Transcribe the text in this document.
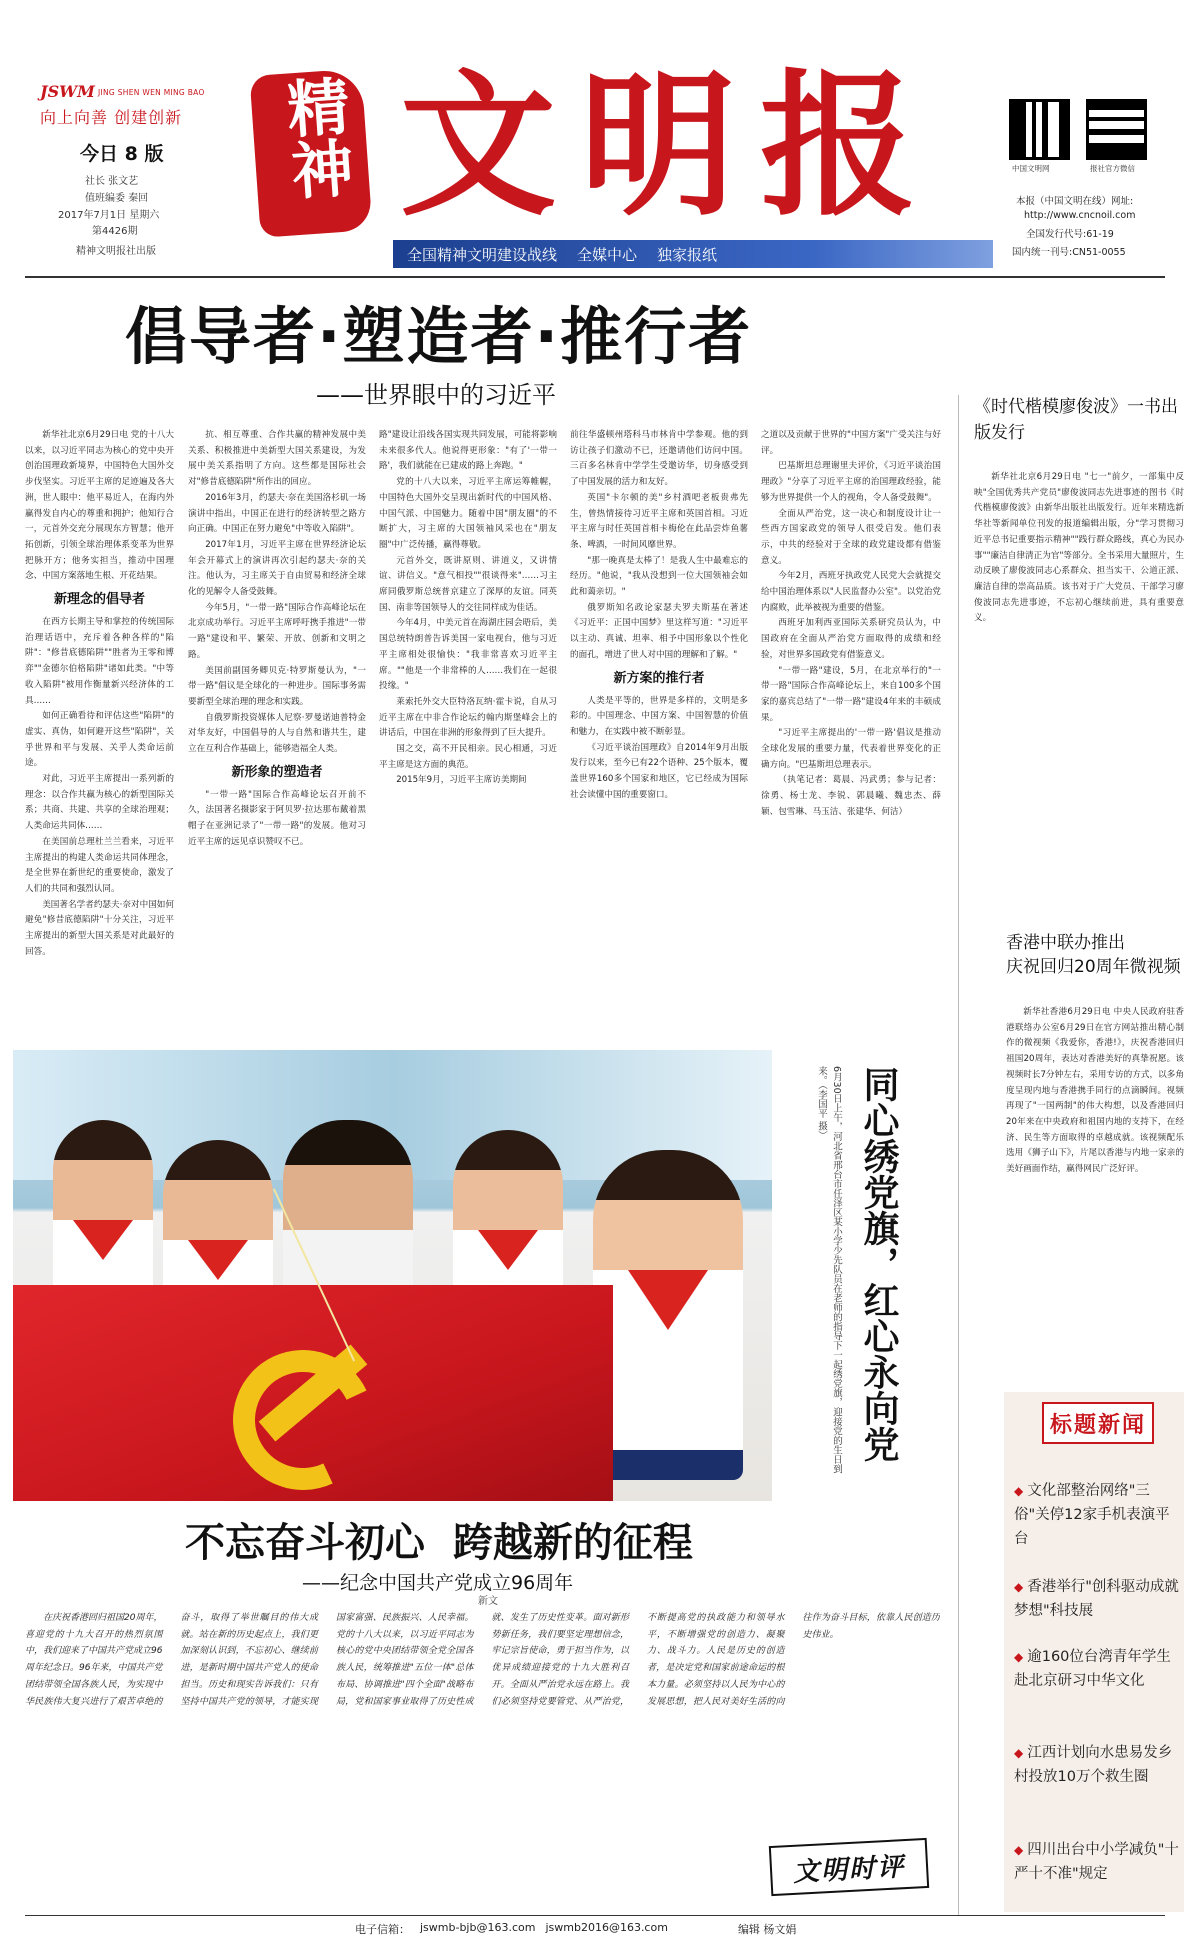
JSWM JING SHEN WEN MING BAO
向上向善 创建创新
今日 8 版
社长 张文艺
值班编委 秦回
2017年7月1日 星期六
第4426期
精神文明报社出版
精神 文明报	中国文明网	报社官方微信
本报（中国文明在线）网址:
http://www.cncnoil.com
全国发行代号:61-19
国内统一刊号:CN51-0055
全国精神文明建设战线 全媒中心 独家报纸
倡导者·塑造者·推行者
——世界眼中的习近平

新华社北京6月29日电 党的十八大以来，以习近平同志为核心的党中央开创治国理政新境界，中国特色大国外交步伐坚实。习近平主席的足迹遍及各大洲，世人眼中：他平易近人，在海内外赢得发自内心的尊重和拥护；他知行合一，元首外交充分展现东方智慧；他开拓创新，引领全球治理体系变革为世界把脉开方；他务实担当，推动中国理念、中国方案落地生根、开花结果。

新理念的倡导者

在西方长期主导和掌控的传统国际治理话语中，充斥着各种各样的"陷阱"："修昔底德陷阱""胜者为王零和博弈""金德尔伯格陷阱"诸如此类。"中等收入陷阱"被用作衡量新兴经济体的工具……

如何正确看待和评估这些"陷阱"的虚实、真伪，如何避开这些"陷阱"，关乎世界和平与发展、关乎人类命运前途。

对此，习近平主席提出一系列新的理念：以合作共赢为核心的新型国际关系；共商、共建、共享的全球治理观；人类命运共同体……

在美国前总理杜兰兰看来，习近平主席提出的构建人类命运共同体理念，是全世界在新世纪的重要使命，激发了人们的共同和强烈认同。

美国著名学者约瑟夫·奈对中国如何避免"修昔底德陷阱"十分关注，习近平主席提出的新型大国关系是对此最好的回答。

抗、相互尊重、合作共赢的精神发展中美关系、积极推进中美新型大国关系建设，为发展中美关系指明了方向。这些都是国际社会对"修昔底德陷阱"所作出的回应。

2016年3月，约瑟夫·奈在美国洛杉矶一场演讲中指出，中国正在进行的经济转型之路方向正确。中国正在努力避免"中等收入陷阱"。

2017年1月，习近平主席在世界经济论坛年会开幕式上的演讲再次引起约瑟夫·奈的关注。他认为，习主席关于自由贸易和经济全球化的见解令人备受鼓舞。

今年5月，"一带一路"国际合作高峰论坛在北京成功举行。习近平主席呼吁携手推进"一带一路"建设和平、繁荣、开放、创新和文明之路。

美国前副国务卿贝克·特罗斯曼认为，"一带一路"倡议是全球化的一种进步。国际事务需要新型全球治理的理念和实践。

自俄罗斯投资媒体人尼察·罗曼诺迪普特金对华友好，中国倡导的人与自然和谐共生，建立在互利合作基础上，能够造福全人类。

新形象的塑造者

"一带一路"国际合作高峰论坛召开前不久，法国著名摄影家于阿贝罗·拉达那布戴着黑帽子在亚洲记录了"一带一路"的发展。他对习近平主席的远见卓识赞叹不已。

路"建设让沿线各国实现共同发展，可能将影响未来很多代人。他说得更形象："有了'一带一路'，我们就能在已建成的路上奔跑。"

党的十八大以来，习近平主席运筹帷幄，中国特色大国外交呈现出新时代的中国风格、中国气派、中国魅力。随着中国"朋友圈"的不断扩大，习主席的大国领袖风采也在"朋友圈"中广泛传播，赢得尊敬。

元首外交，既讲原则、讲道义，又讲情谊、讲信义。"意气相投""很谈得来"……习主席同俄罗斯总统普京建立了深厚的友谊。同英国、南非等国领导人的交往同样成为佳话。

今年4月，中美元首在海湖庄园会晤后，美国总统特朗普告诉美国一家电视台，他与习近平主席相处很愉快："我非常喜欢习近平主席。""他是一个非常棒的人……我们在一起很投缘。"

莱索托外交大臣特洛瓦纳·霍卡说，自从习近平主席在中非合作论坛约翰内斯堡峰会上的讲话后，中国在非洲的形象得到了巨大提升。

国之交，高不开民相亲。民心相通，习近平主席是这方面的典范。

2015年9月，习近平主席访美期间

前往华盛顿州塔科马市林肯中学参观。他的到访让孩子们激动不已，还邀请他们访问中国。三百多名林肯中学学生受邀访华，切身感受到了中国发展的活力和友好。

英国"卡尔顿的美"乡村酒吧老板贵弗先生，曾热情接待习近平主席和英国首相。习近平主席与时任英国首相卡梅伦在此品尝炸鱼薯条、啤酒，一时间风靡世界。

"那一晚真是太棒了！是我人生中最难忘的经历。"他说，"我从没想到一位大国领袖会如此和蔼亲切。"

俄罗斯知名政论家瑟夫罗夫斯基在著述《习近平：正国中国梦》里这样写道："习近平以主动、真诚、坦率、相予中国形象以个性化的面孔，增进了世人对中国的理解和了解。"

新方案的推行者

人类是平等的，世界是多样的，文明是多彩的。中国理念、中国方案、中国智慧的价值和魅力，在实践中被不断彰显。

《习近平谈治国理政》自2014年9月出版发行以来，至今已有22个语种、25个版本，覆盖世界160多个国家和地区，它已经成为国际社会读懂中国的重要窗口。

之道以及贡献于世界的"中国方案"广受关注与好评。

巴基斯坦总理谢里夫评价，《习近平谈治国理政》"分享了习近平主席的治国理政经验，能够为世界提供一个人的视角，令人备受鼓舞"。

全面从严治党，这一决心和制度设计让一些西方国家政党的领导人很受启发。他们表示，中共的经验对于全球的政党建设都有借鉴意义。

今年2月，西班牙执政党人民党大会就提交给中国治理体系以"人民监督办公室"。以党治党内腐败，此举被视为重要的借鉴。

西班牙加利西亚国际关系研究员认为，中国政府在全面从严治党方面取得的成绩和经验，对世界多国政党有借鉴意义。

"一带一路"建设，5月，在北京举行的"一带一路"国际合作高峰论坛上，来自100多个国家的嘉宾总结了"一带一路"建设4年来的丰硕成果。

"习近平主席提出的'一带一路'倡议是推动全球化发展的重要力量，代表着世界变化的正确方向。"巴基斯坦总理表示。

（执笔记者：葛晨、冯武勇；参与记者：徐勇、杨士龙、李锐、郭晨曦、魏忠杰、薛颖、包雪琳、马玉洁、张建华、何洁）

《时代楷模廖俊波》一书出版发行

新华社北京6月29日电 "七一"前夕，一部集中反映"全国优秀共产党员"廖俊波同志先进事迹的图书《时代楷模廖俊波》由新华出版社出版发行。近年来精选新华社等新闻单位刊发的报道编辑出版，分"学习贯彻习近平总书记重要指示精神""践行群众路线，真心为民办事""廉洁自律清正为官"等部分。全书采用大量照片，生动反映了廖俊波同志心系群众、担当实干、公道正派、廉洁自律的崇高品质。该书对于广大党员、干部学习廖俊波同志先进事迹，不忘初心继续前进，具有重要意义。

香港中联办推出
庆祝回归20周年微视频

新华社香港6月29日电 中央人民政府驻香港联络办公室6月29日在官方网站推出精心制作的微视频《我爱你，香港!》，庆祝香港回归祖国20周年，表达对香港美好的真挚祝愿。该视频时长7分钟左右，采用专访的方式，以多角度呈现内地与香港携手同行的点滴瞬间。视频再现了"一国两制"的伟大构想，以及香港回归20年来在中央政府和祖国内地的支持下，在经济、民生等方面取得的卓越成就。该视频配乐选用《狮子山下》，片尾以香港与内地一家亲的美好画面作结，赢得网民广泛好评。

同心绣党旗，红心永向党
6月30日上午，河北省邢台市任泽区某小学少先队员在老师的指导下一起绣党旗，迎接党的生日到来。（李国平 摄）
不忘奋斗初心  跨越新的征程
——纪念中国共产党成立96周年
新文

在庆祝香港回归祖国20周年，喜迎党的十九大召开的热烈氛围中，我们迎来了中国共产党成立96周年纪念日。96年来，中国共产党团结带领全国各族人民，为实现中华民族伟大复兴进行了艰苦卓绝的奋斗，取得了举世瞩目的伟大成就。站在新的历史起点上，我们更加深刻认识到，不忘初心、继续前进，是新时期中国共产党人的使命担当。历史和现实告诉我们：只有坚持中国共产党的领导，才能实现国家富强、民族振兴、人民幸福。党的十八大以来，以习近平同志为核心的党中央团结带领全党全国各族人民，统筹推进"五位一体"总体布局、协调推进"四个全面"战略布局，党和国家事业取得了历史性成就、发生了历史性变革。面对新形势新任务，我们要坚定理想信念，牢记宗旨使命，勇于担当作为，以优异成绩迎接党的十九大胜利召开。全面从严治党永远在路上。我们必须坚持党要管党、从严治党，不断提高党的执政能力和领导水平，不断增强党的创造力、凝聚力、战斗力。人民是历史的创造者，是决定党和国家前途命运的根本力量。必须坚持以人民为中心的发展思想，把人民对美好生活的向往作为奋斗目标，依靠人民创造历史伟业。

文明时评
标题新闻
◆ 文化部整治网络"三俗"关停12家手机表演平台
◆ 香港举行"创科驱动成就梦想"科技展
◆ 逾160位台湾青年学生赴北京研习中华文化
◆ 江西计划向水患易发乡村投放10万个救生圈
◆ 四川出台中小学减负"十严十不准"规定
电子信箱： jswmb-bjb@163.com jswmb2016@163.com	编辑 杨文娟
